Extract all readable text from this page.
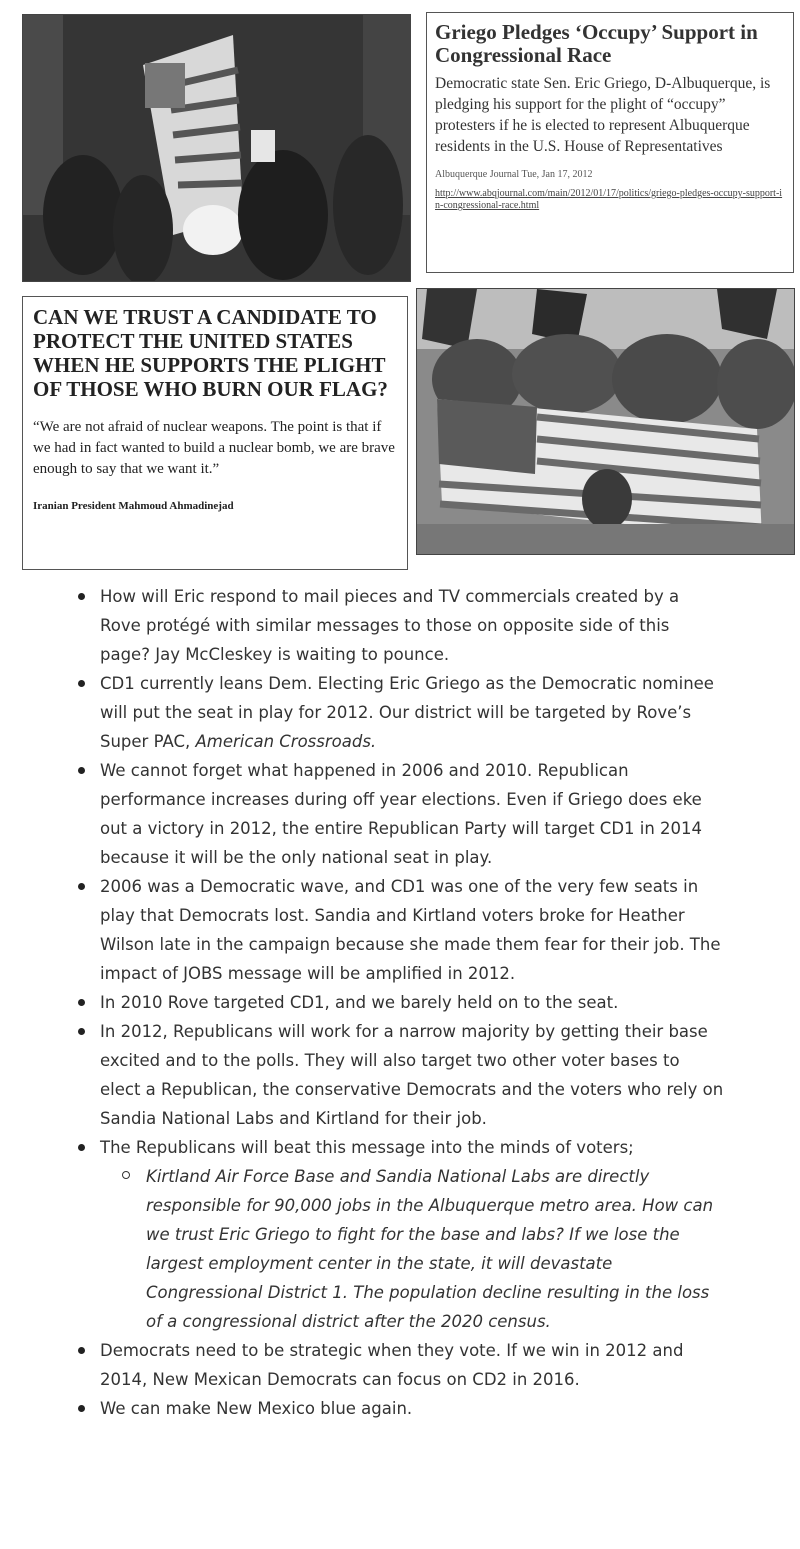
Griego Pledges ‘Occupy’ Support in Congressional Race

Democratic state Sen. Eric Griego, D-Albuquerque, is pledging his support for the plight of “occupy” protesters if he is elected to represent Albuquerque residents in the U.S. House of Representatives

Albuquerque Journal Tue, Jan 17, 2012

http://www.abqjournal.com/main/2012/01/17/politics/griego-pledges-occupy-support-in-congressional-race.html
CAN WE TRUST A CANDIDATE TO PROTECT THE UNITED STATES WHEN HE SUPPORTS THE PLIGHT OF THOSE WHO BURN OUR FLAG?

“We are not afraid of nuclear weapons. The point is that if we had in fact wanted to build a nuclear bomb, we are brave enough to say that we want it.”

Iranian President Mahmoud Ahmadinejad
How will Eric respond to mail pieces and TV commercials created by a Rove protégé with similar messages to those on opposite side of this page? Jay McCleskey is waiting to pounce.
CD1 currently leans Dem. Electing Eric Griego as the Democratic nominee will put the seat in play for 2012. Our district will be targeted by Rove’s Super PAC, American Crossroads.
We cannot forget what happened in 2006 and 2010. Republican performance increases during off year elections. Even if Griego does eke out a victory in 2012, the entire Republican Party will target CD1 in 2014 because it will be the only national seat in play.
2006 was a Democratic wave, and CD1 was one of the very few seats in play that Democrats lost. Sandia and Kirtland voters broke for Heather Wilson late in the campaign because she made them fear for their job. The impact of JOBS message will be amplified in 2012.
In 2010 Rove targeted CD1, and we barely held on to the seat.
In 2012, Republicans will work for a narrow majority by getting their base excited and to the polls. They will also target two other voter bases to elect a Republican, the conservative Democrats and the voters who rely on Sandia National Labs and Kirtland for their job.
The Republicans will beat this message into the minds of voters;
Kirtland Air Force Base and Sandia National Labs are directly responsible for 90,000 jobs in the Albuquerque metro area. How can we trust Eric Griego to fight for the base and labs? If we lose the largest employment center in the state, it will devastate Congressional District 1. The population decline resulting in the loss of a congressional district after the 2020 census.
Democrats need to be strategic when they vote. If we win in 2012 and 2014, New Mexican Democrats can focus on CD2 in 2016.
We can make New Mexico blue again.
